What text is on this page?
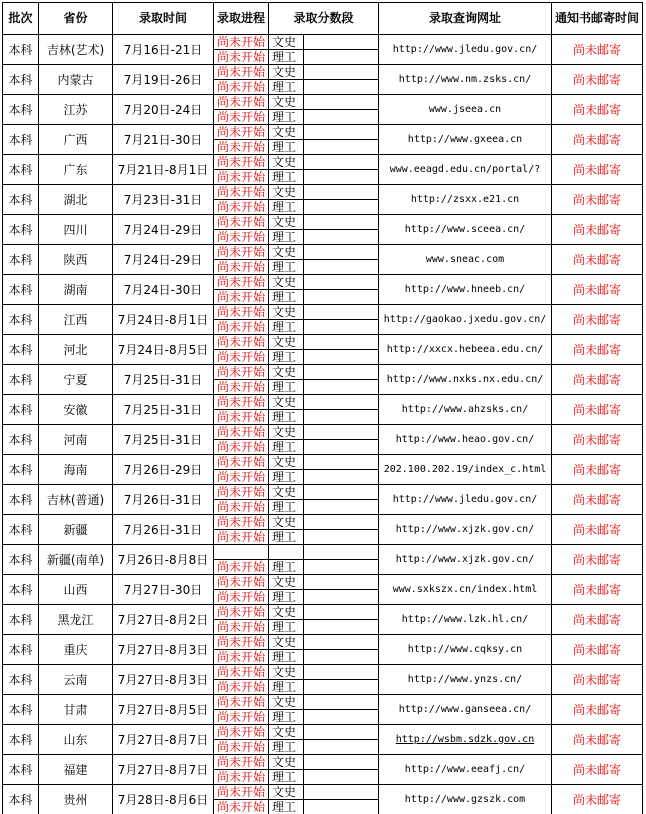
批次	省份	录取时间	录取进程	录取分数段		录取查询网址	通知书邮寄时间
本科	吉林(艺术)	7月16日-21日	尚未开始	文史		http://www.jledu.gov.cn/	尚未邮寄
			尚未开始	理工			
本科	内蒙古	7月19日-26日	尚未开始	文史		http://www.nm.zsks.cn/	尚未邮寄
			尚未开始	理工			
本科	江苏	7月20日-24日	尚未开始	文史		www.jseea.cn	尚未邮寄
			尚未开始	理工			
本科	广西	7月21日-30日	尚未开始	文史		http://www.gxeea.cn	尚未邮寄
			尚未开始	理工			
本科	广东	7月21日-8月1日	尚未开始	文史		www.eeagd.edu.cn/portal/?	尚未邮寄
			尚未开始	理工			
本科	湖北	7月23日-31日	尚未开始	文史		http://zsxx.e21.cn	尚未邮寄
			尚未开始	理工			
本科	四川	7月24日-29日	尚未开始	文史		http://www.sceea.cn/	尚未邮寄
			尚未开始	理工			
本科	陕西	7月24日-29日	尚未开始	文史		www.sneac.com	尚未邮寄
			尚未开始	理工			
本科	湖南	7月24日-30日	尚未开始	文史		http://www.hneeb.cn/	尚未邮寄
			尚未开始	理工			
本科	江西	7月24日-8月1日	尚未开始	文史		http://gaokao.jxedu.gov.cn/	尚未邮寄
			尚未开始	理工			
本科	河北	7月24日-8月5日	尚未开始	文史		http://xxcx.hebeea.edu.cn/	尚未邮寄
			尚未开始	理工			
本科	宁夏	7月25日-31日	尚未开始	文史		http://www.nxks.nx.edu.cn/	尚未邮寄
			尚未开始	理工			
本科	安徽	7月25日-31日	尚未开始	文史		http://www.ahzsks.cn/	尚未邮寄
			尚未开始	理工			
本科	河南	7月25日-31日	尚未开始	文史		http://www.heao.gov.cn/	尚未邮寄
			尚未开始	理工			
本科	海南	7月26日-29日	尚未开始	文史		202.100.202.19/index_c.html	尚未邮寄
			尚未开始	理工			
本科	吉林(普通)	7月26日-31日	尚未开始	文史		http://www.jledu.gov.cn/	尚未邮寄
			尚未开始	理工			
本科	新疆	7月26日-31日	尚未开始	文史		http://www.xjzk.gov.cn/	尚未邮寄
			尚未开始	理工			
本科	新疆(南单)	7月26日-8月8日				http://www.xjzk.gov.cn/	尚未邮寄
			尚未开始	理工			
本科	山西	7月27日-30日	尚未开始	文史		www.sxkszx.cn/index.html	尚未邮寄
			尚未开始	理工			
本科	黑龙江	7月27日-8月2日	尚未开始	文史		http://www.lzk.hl.cn/	尚未邮寄
			尚未开始	理工			
本科	重庆	7月27日-8月3日	尚未开始	文史		http://www.cqksy.cn	尚未邮寄
			尚未开始	理工			
本科	云南	7月27日-8月3日	尚未开始	文史		http://www.ynzs.cn/	尚未邮寄
			尚未开始	理工			
本科	甘肃	7月27日-8月5日	尚未开始	文史		http://www.ganseea.cn/	尚未邮寄
			尚未开始	理工			
本科	山东	7月27日-8月7日	尚未开始	文史		http://wsbm.sdzk.gov.cn	尚未邮寄
			尚未开始	理工			
本科	福建	7月27日-8月7日	尚未开始	文史		http://www.eeafj.cn/	尚未邮寄
			尚未开始	理工			
本科	贵州	7月28日-8月6日	尚未开始	文史		http://www.gzszk.com	尚未邮寄
			尚未开始	理工			
